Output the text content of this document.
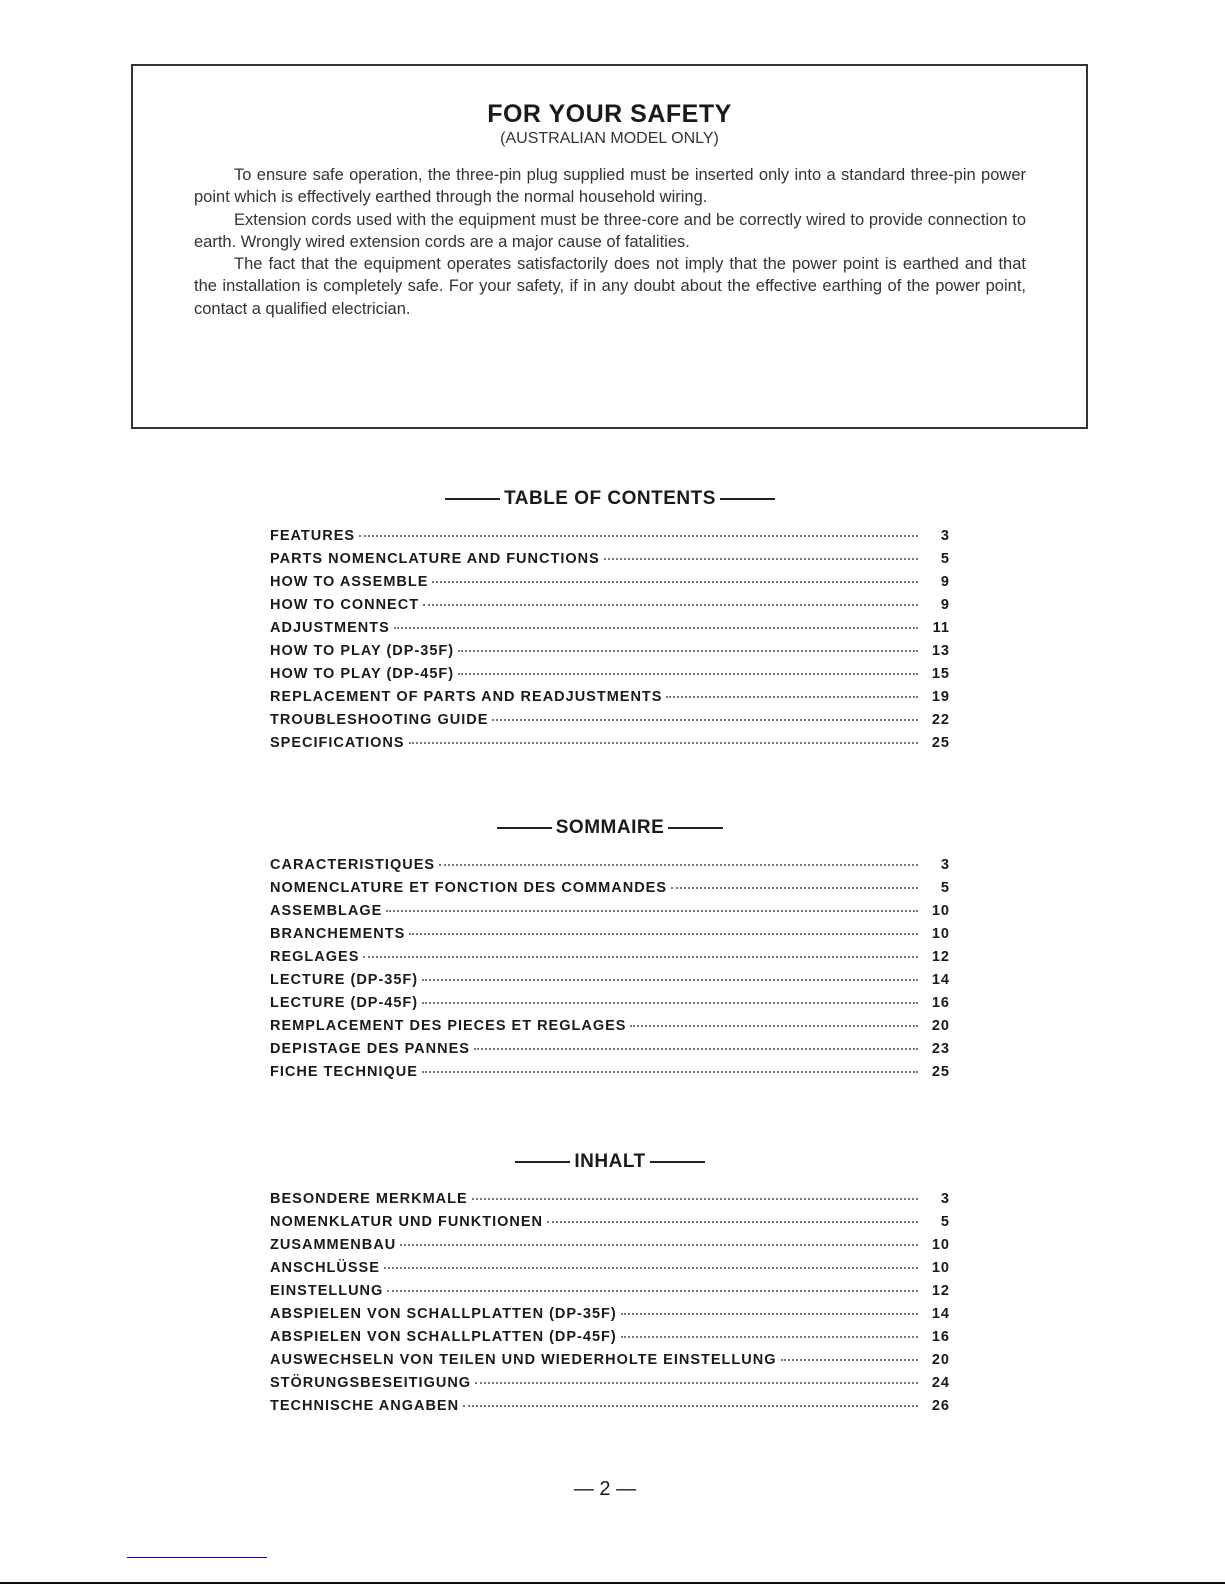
FOR YOUR SAFETY
(AUSTRALIAN MODEL ONLY)

To ensure safe operation, the three-pin plug supplied must be inserted only into a standard three-pin power point which is effectively earthed through the normal household wiring.

Extension cords used with the equipment must be three-core and be correctly wired to provide connection to earth. Wrongly wired extension cords are a major cause of fatalities.

The fact that the equipment operates satisfactorily does not imply that the power point is earthed and that the installation is completely safe. For your safety, if in any doubt about the effective earthing of the power point, contact a qualified electrician.

TABLE OF CONTENTS
FEATURES	3
PARTS NOMENCLATURE AND FUNCTIONS	5
HOW TO ASSEMBLE	9
HOW TO CONNECT	9
ADJUSTMENTS	11
HOW TO PLAY (DP-35F)	13
HOW TO PLAY (DP-45F)	15
REPLACEMENT OF PARTS AND READJUSTMENTS	19
TROUBLESHOOTING GUIDE	22
SPECIFICATIONS	25
SOMMAIRE
CARACTERISTIQUES	3
NOMENCLATURE ET FONCTION DES COMMANDES	5
ASSEMBLAGE	10
BRANCHEMENTS	10
REGLAGES	12
LECTURE (DP-35F)	14
LECTURE (DP-45F)	16
REMPLACEMENT DES PIECES ET REGLAGES	20
DEPISTAGE DES PANNES	23
FICHE TECHNIQUE	25
INHALT
BESONDERE MERKMALE	3
NOMENKLATUR UND FUNKTIONEN	5
ZUSAMMENBAU	10
ANSCHLÜSSE	10
EINSTELLUNG	12
ABSPIELEN VON SCHALLPLATTEN (DP-35F)	14
ABSPIELEN VON SCHALLPLATTEN (DP-45F)	16
AUSWECHSELN VON TEILEN UND WIEDERHOLTE EINSTELLUNG	20
STÖRUNGSBESEITIGUNG	24
TECHNISCHE ANGABEN	26
— 2 —
